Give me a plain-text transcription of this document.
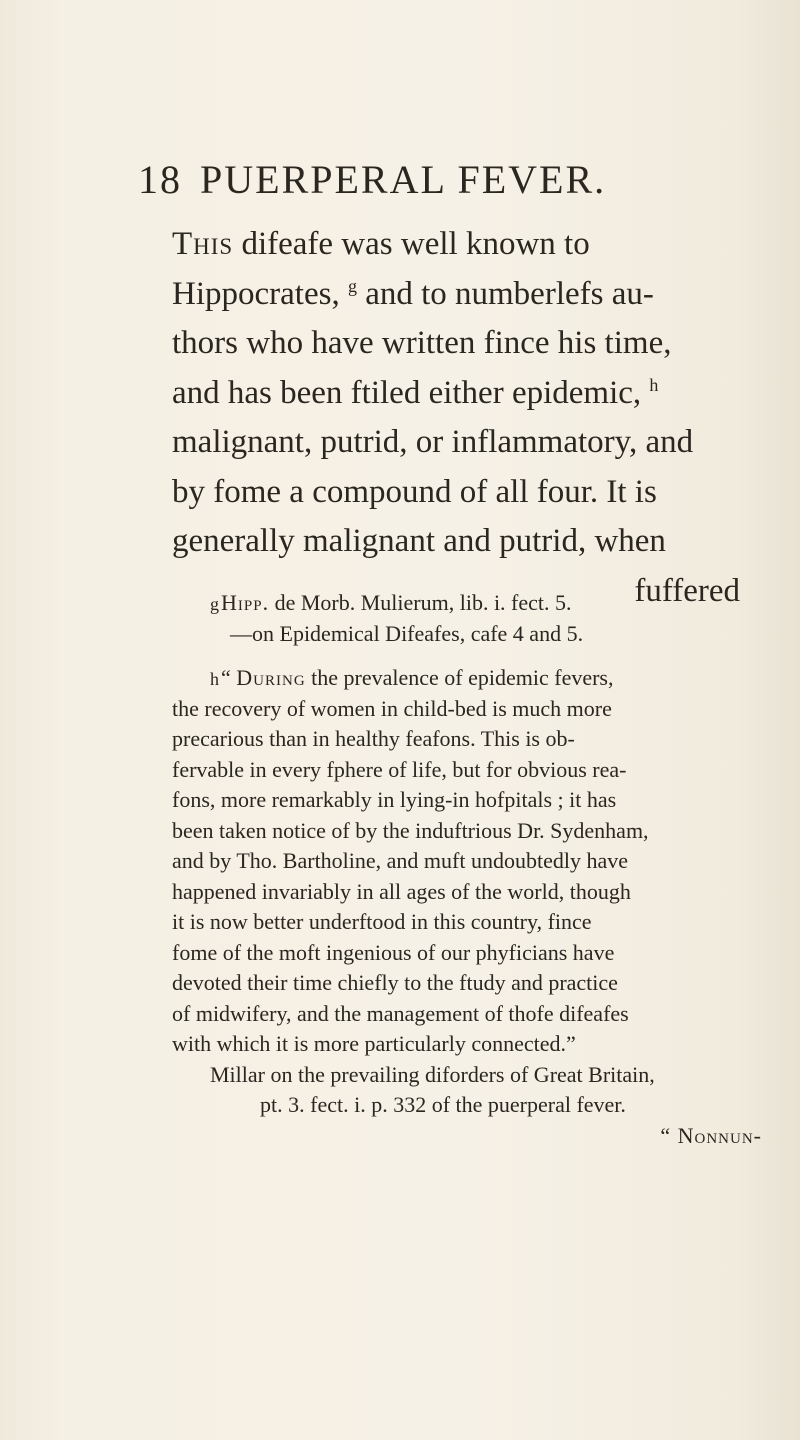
18 PUERPERAL FEVER.
This difeafe was well known to
Hippocrates, $^g$ and to numberlefs au-
thors who have written fince his time,
and has been ftiled either epidemic, $^h$
malignant, putrid, or inflammatory, and
by fome a compound of all four. It is
generally malignant and putrid, when
fuffered
gHipp. de Morb. Mulierum, lib. i. fect. 5.
—on Epidemical Difeafes, cafe 4 and 5.
h“ During the prevalence of epidemic fevers,
the recovery of women in child-bed is much more
precarious than in healthy feafons. This is ob-
fervable in every fphere of life, but for obvious rea-
fons, more remarkably in lying-in hofpitals ; it has
been taken notice of by the induftrious Dr. Sydenham,
and by Tho. Bartholine, and muft undoubtedly have
happened invariably in all ages of the world, though
it is now better underftood in this country, fince
fome of the moft ingenious of our phyficians have
devoted their time chiefly to the ftudy and practice
of midwifery, and the management of thofe difeafes
with which it is more particularly connected.”
Millar on the prevailing diforders of Great Britain,
pt. 3. fect. i. p. 332 of the puerperal fever.
“ Nonnun-
